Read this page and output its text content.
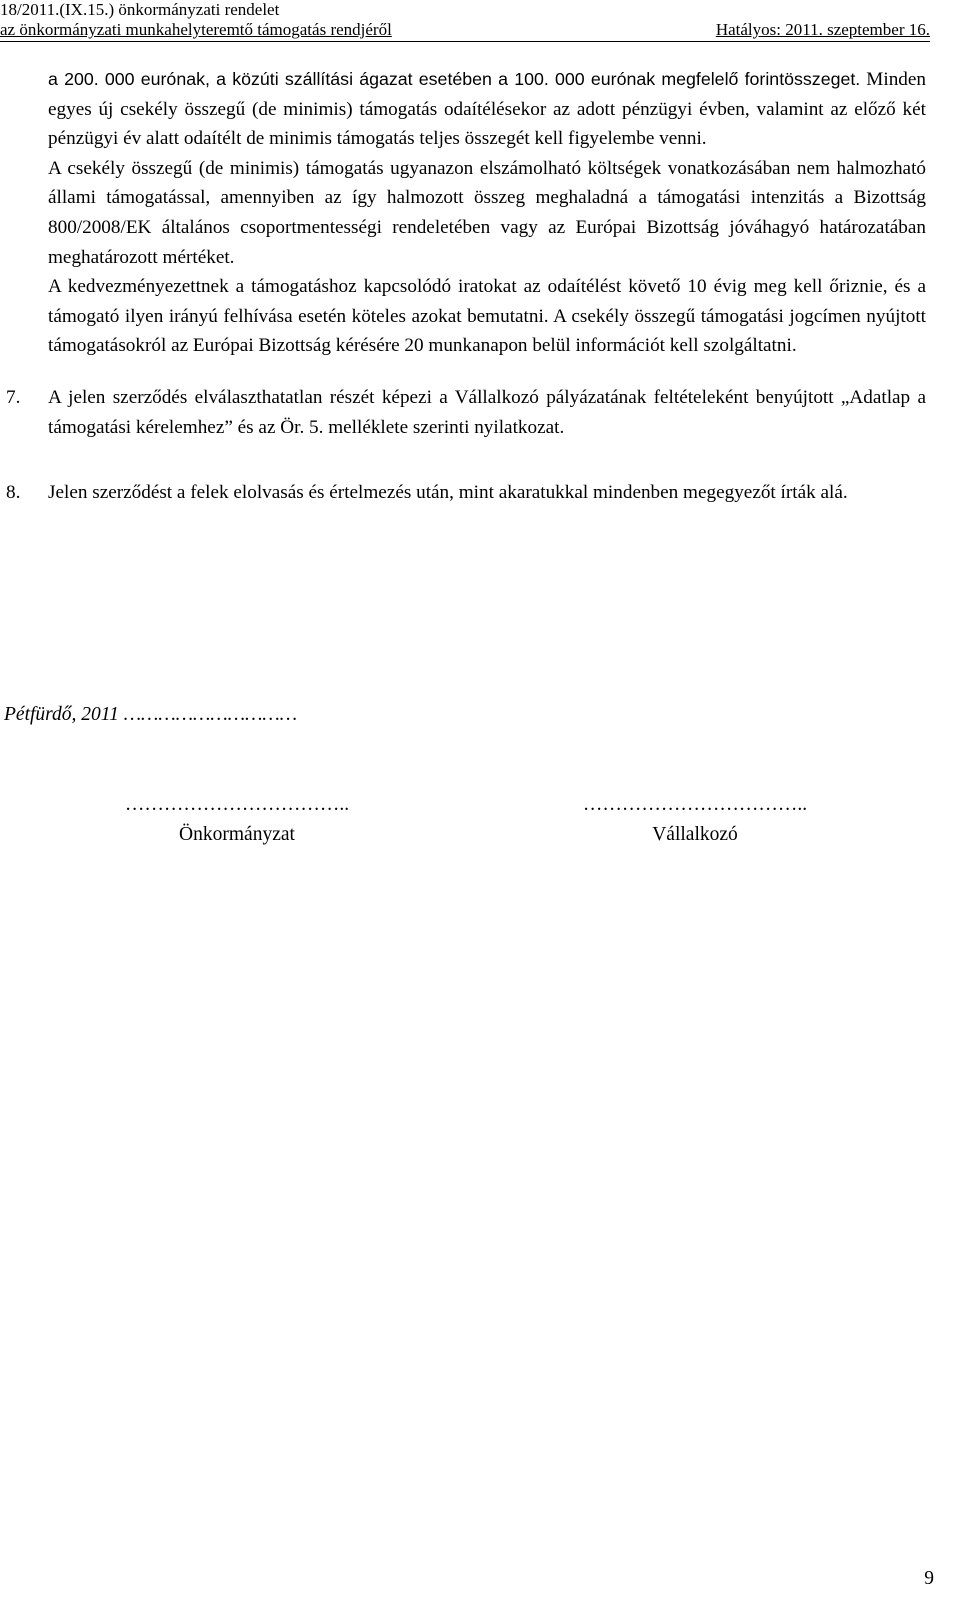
18/2011.(IX.15.) önkormányzati rendelet
az önkormányzati munkahelyteremtő támogatás rendjéről	Hatályos: 2011. szeptember 16.

a 200. 000 eurónak, a közúti szállítási ágazat esetében a 100. 000 eurónak megfelelő forintösszeget. Minden egyes új csekély összegű (de minimis) támogatás odaítélésekor az adott pénzügyi évben, valamint az előző két pénzügyi év alatt odaítélt de minimis támogatás teljes összegét kell figyelembe venni.

A csekély összegű (de minimis) támogatás ugyanazon elszámolható költségek vonatkozásában nem halmozható állami támogatással, amennyiben az így halmozott összeg meghaladná a támogatási intenzitás a Bizottság 800/2008/EK általános csoportmentességi rendeletében vagy az Európai Bizottság jóváhagyó határozatában meghatározott mértéket.

A kedvezményezettnek a támogatáshoz kapcsolódó iratokat az odaítélést követő 10 évig meg kell őriznie, és a támogató ilyen irányú felhívása esetén köteles azokat bemutatni. A csekély összegű támogatási jogcímen nyújtott támogatásokról az Európai Bizottság kérésére 20 munkanapon belül információt kell szolgáltatni.

7. A jelen szerződés elválaszthatatlan részét képezi a Vállalkozó pályázatának feltételeként benyújtott „Adatlap a támogatási kérelemhez” és az Ör. 5. melléklete szerinti nyilatkozat.

8. Jelen szerződést a felek elolvasás és értelmezés után, mint akaratukkal mindenben megegyezőt írták alá.

Pétfürdő, 2011 …………………………
……………………………..
Önkormányzat
……………………………..
Vállalkozó
9
